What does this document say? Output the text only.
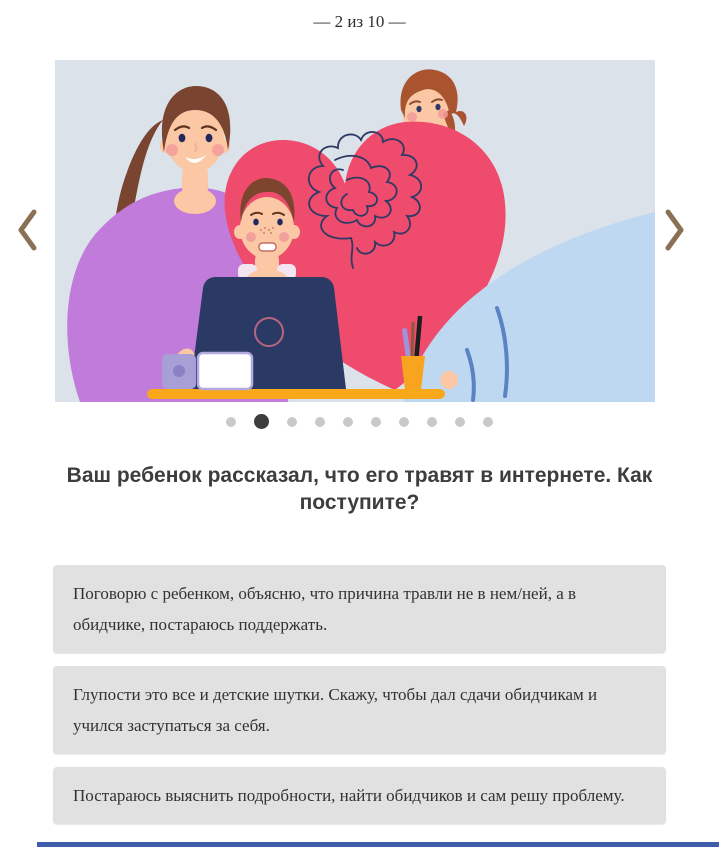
— 2 из 10 —
Ваш ребенок рассказал, что его травят в интернете. Как поступите?
Поговорю с ребенком, объясню, что причина травли не в нем/ней, а в обидчике, постараюсь поддержать.
Глупости это все и детские шутки. Скажу, чтобы дал сдачи обидчикам и учился заступаться за себя.
Постараюсь выяснить подробности, найти обидчиков и сам решу проблему.
